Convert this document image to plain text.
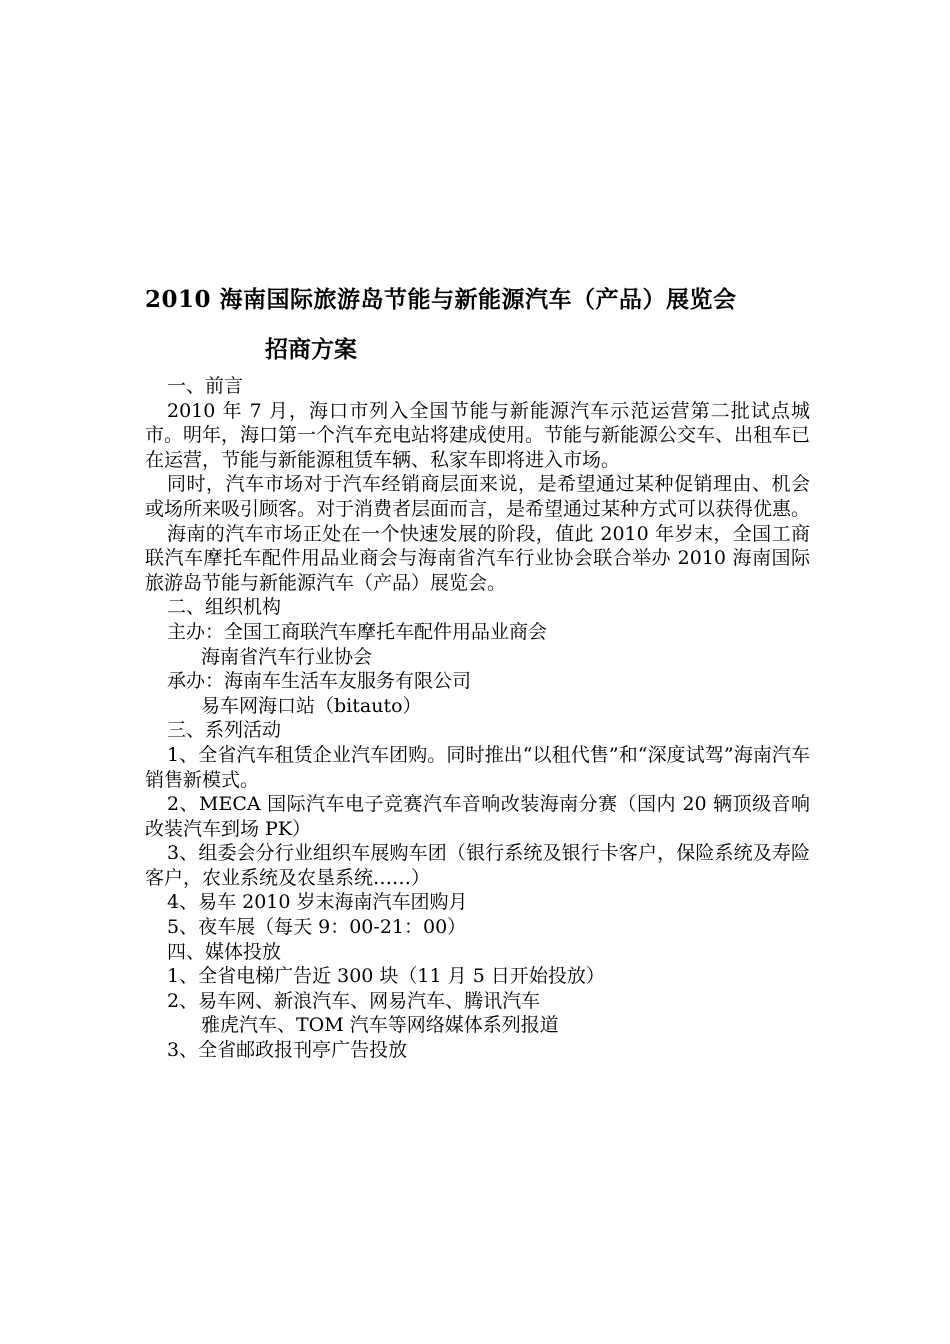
2010 海南国际旅游岛节能与新能源汽车（产品）展览会
招商方案

一、前言

2010 年 7 月，海口市列入全国节能与新能源汽车示范运营第二批试点城市。明年，海口第一个汽车充电站将建成使用。节能与新能源公交车、出租车已在运营，节能与新能源租赁车辆、私家车即将进入市场。

同时，汽车市场对于汽车经销商层面来说，是希望通过某种促销理由、机会或场所来吸引顾客。对于消费者层面而言，是希望通过某种方式可以获得优惠。

海南的汽车市场正处在一个快速发展的阶段，值此 2010 年岁末，全国工商联汽车摩托车配件用品业商会与海南省汽车行业协会联合举办 2010 海南国际旅游岛节能与新能源汽车（产品）展览会。

二、组织机构

主办：全国工商联汽车摩托车配件用品业商会

海南省汽车行业协会

承办：海南车生活车友服务有限公司

易车网海口站（bitauto）

三、系列活动

1、全省汽车租赁企业汽车团购。同时推出“以租代售”和“深度试驾”海南汽车销售新模式。

2、MECA 国际汽车电子竞赛汽车音响改装海南分赛（国内 20 辆顶级音响改装汽车到场 PK）

3、组委会分行业组织车展购车团（银行系统及银行卡客户，保险系统及寿险客户，农业系统及农垦系统……）

4、易车 2010 岁末海南汽车团购月

5、夜车展（每天 9：00-21：00）

四、媒体投放

1、全省电梯广告近 300 块（11 月 5 日开始投放）

2、易车网、新浪汽车、网易汽车、腾讯汽车

雅虎汽车、TOM 汽车等网络媒体系列报道

3、全省邮政报刊亭广告投放
